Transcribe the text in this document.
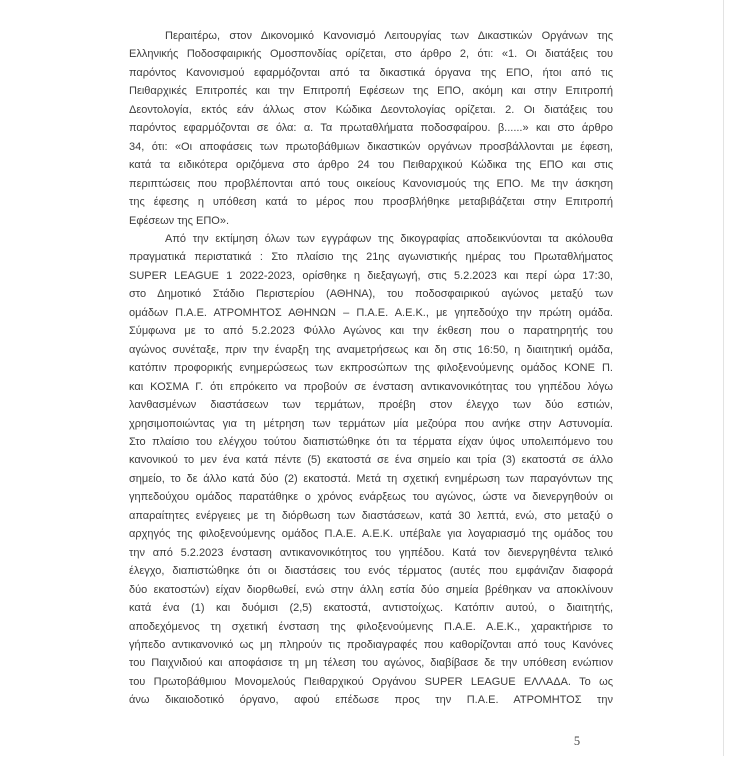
Περαιτέρω, στον Δικονομικό Κανονισμό Λειτουργίας των Δικαστικών Οργάνων της
Ελληνικής Ποδοσφαιρικής Ομοσπονδίας ορίζεται, στο άρθρο 2, ότι: «1. Οι διατάξεις του
παρόντος Κανονισμού εφαρμόζονται από τα δικαστικά όργανα της ΕΠΟ, ήτοι από τις
Πειθαρχικές Επιτροπές και την Επιτροπή Εφέσεων της ΕΠΟ, ακόμη και στην Επιτροπή
Δεοντολογία, εκτός εάν άλλως στον Κώδικα Δεοντολογίας ορίζεται. 2. Οι διατάξεις του
παρόντος εφαρμόζονται σε όλα: α. Τα πρωταθλήματα ποδοσφαίρου. β......» και στο άρθρο
34, ότι: «Οι αποφάσεις των πρωτοβάθμιων δικαστικών οργάνων προσβάλλονται με έφεση,
κατά τα ειδικότερα οριζόμενα στο άρθρο 24 του Πειθαρχικού Κώδικα της ΕΠΟ και στις
περιπτώσεις που προβλέπονται από τους οικείους Κανονισμούς της ΕΠΟ. Με την άσκηση
της έφεσης η υπόθεση κατά το μέρος που προσβλήθηκε μεταβιβάζεται στην Επιτροπή
Εφέσεων της ΕΠΟ».
Από την εκτίμηση όλων των εγγράφων της δικογραφίας αποδεικνύονται τα ακόλουθα
πραγματικά περιστατικά : Στο πλαίσιο της 21ης αγωνιστικής ημέρας του Πρωταθλήματος
SUPER LEAGUE 1 2022-2023, ορίσθηκε η διεξαγωγή, στις 5.2.2023 και περί ώρα 17:30,
στο Δημοτικό Στάδιο Περιστερίου (ΑΘΗΝΑ), του ποδοσφαιρικού αγώνος μεταξύ των
ομάδων Π.Α.Ε. ΑΤΡΟΜΗΤΟΣ ΑΘΗΝΩΝ – Π.Α.Ε. Α.Ε.Κ., με γηπεδούχο την πρώτη ομάδα.
Σύμφωνα με το από 5.2.2023 Φύλλο Αγώνος και την έκθεση που ο παρατηρητής του
αγώνος συνέταξε, πριν την έναρξη της αναμετρήσεως και δη στις 16:50, η διαιτητική ομάδα,
κατόπιν προφορικής ενημερώσεως των εκπροσώπων της φιλοξενούμενης ομάδος ΚΟΝΕ Π.
και ΚΟΣΜΑ Γ. ότι επρόκειτο να προβούν σε ένσταση αντικανονικότητας του γηπέδου λόγω
λανθασμένων διαστάσεων των τερμάτων, προέβη στον έλεγχο των δύο εστιών,
χρησιμοποιώντας για τη μέτρηση των τερμάτων μία μεζούρα που ανήκε στην Αστυνομία.
Στο πλαίσιο του ελέγχου τούτου διαπιστώθηκε ότι τα τέρματα είχαν ύψος υπολειπόμενο του
κανονικού το μεν ένα κατά πέντε (5) εκατοστά σε ένα σημείο και τρία (3) εκατοστά σε άλλο
σημείο, το δε άλλο κατά δύο (2) εκατοστά. Μετά τη σχετική ενημέρωση των παραγόντων της
γηπεδούχου ομάδος παρατάθηκε ο χρόνος ενάρξεως του αγώνος, ώστε να διενεργηθούν οι
απαραίτητες ενέργειες με τη διόρθωση των διαστάσεων, κατά 30 λεπτά, ενώ, στο μεταξύ ο
αρχηγός της φιλοξενούμενης ομάδος Π.Α.Ε. Α.Ε.Κ. υπέβαλε για λογαριασμό της ομάδος του
την από 5.2.2023 ένσταση αντικανονικότητος του γηπέδου. Κατά τον διενεργηθέντα τελικό
έλεγχο, διαπιστώθηκε ότι οι διαστάσεις του ενός τέρματος (αυτές που εμφάνιζαν διαφορά
δύο εκατοστών) είχαν διορθωθεί, ενώ στην άλλη εστία δύο σημεία βρέθηκαν να αποκλίνουν
κατά ένα (1) και δυόμισι (2,5) εκατοστά, αντιστοίχως. Κατόπιν αυτού, ο διαιτητής,
αποδεχόμενος τη σχετική ένσταση της φιλοξενούμενης Π.Α.Ε. Α.Ε.Κ., χαρακτήρισε το
γήπεδο αντικανονικό ως μη πληρούν τις προδιαγραφές που καθορίζονται από τους Κανόνες
του Παιχνιδιού και αποφάσισε τη μη τέλεση του αγώνος, διαβίβασε δε την υπόθεση ενώπιον
του Πρωτοβάθμιου Μονομελούς Πειθαρχικού Οργάνου SUPER LEAGUE ΕΛΛΑΔΑ. Το ως
άνω δικαιοδοτικό όργανο, αφού επέδωσε προς την Π.Α.Ε. ΑΤΡΟΜΗΤΟΣ την
5
